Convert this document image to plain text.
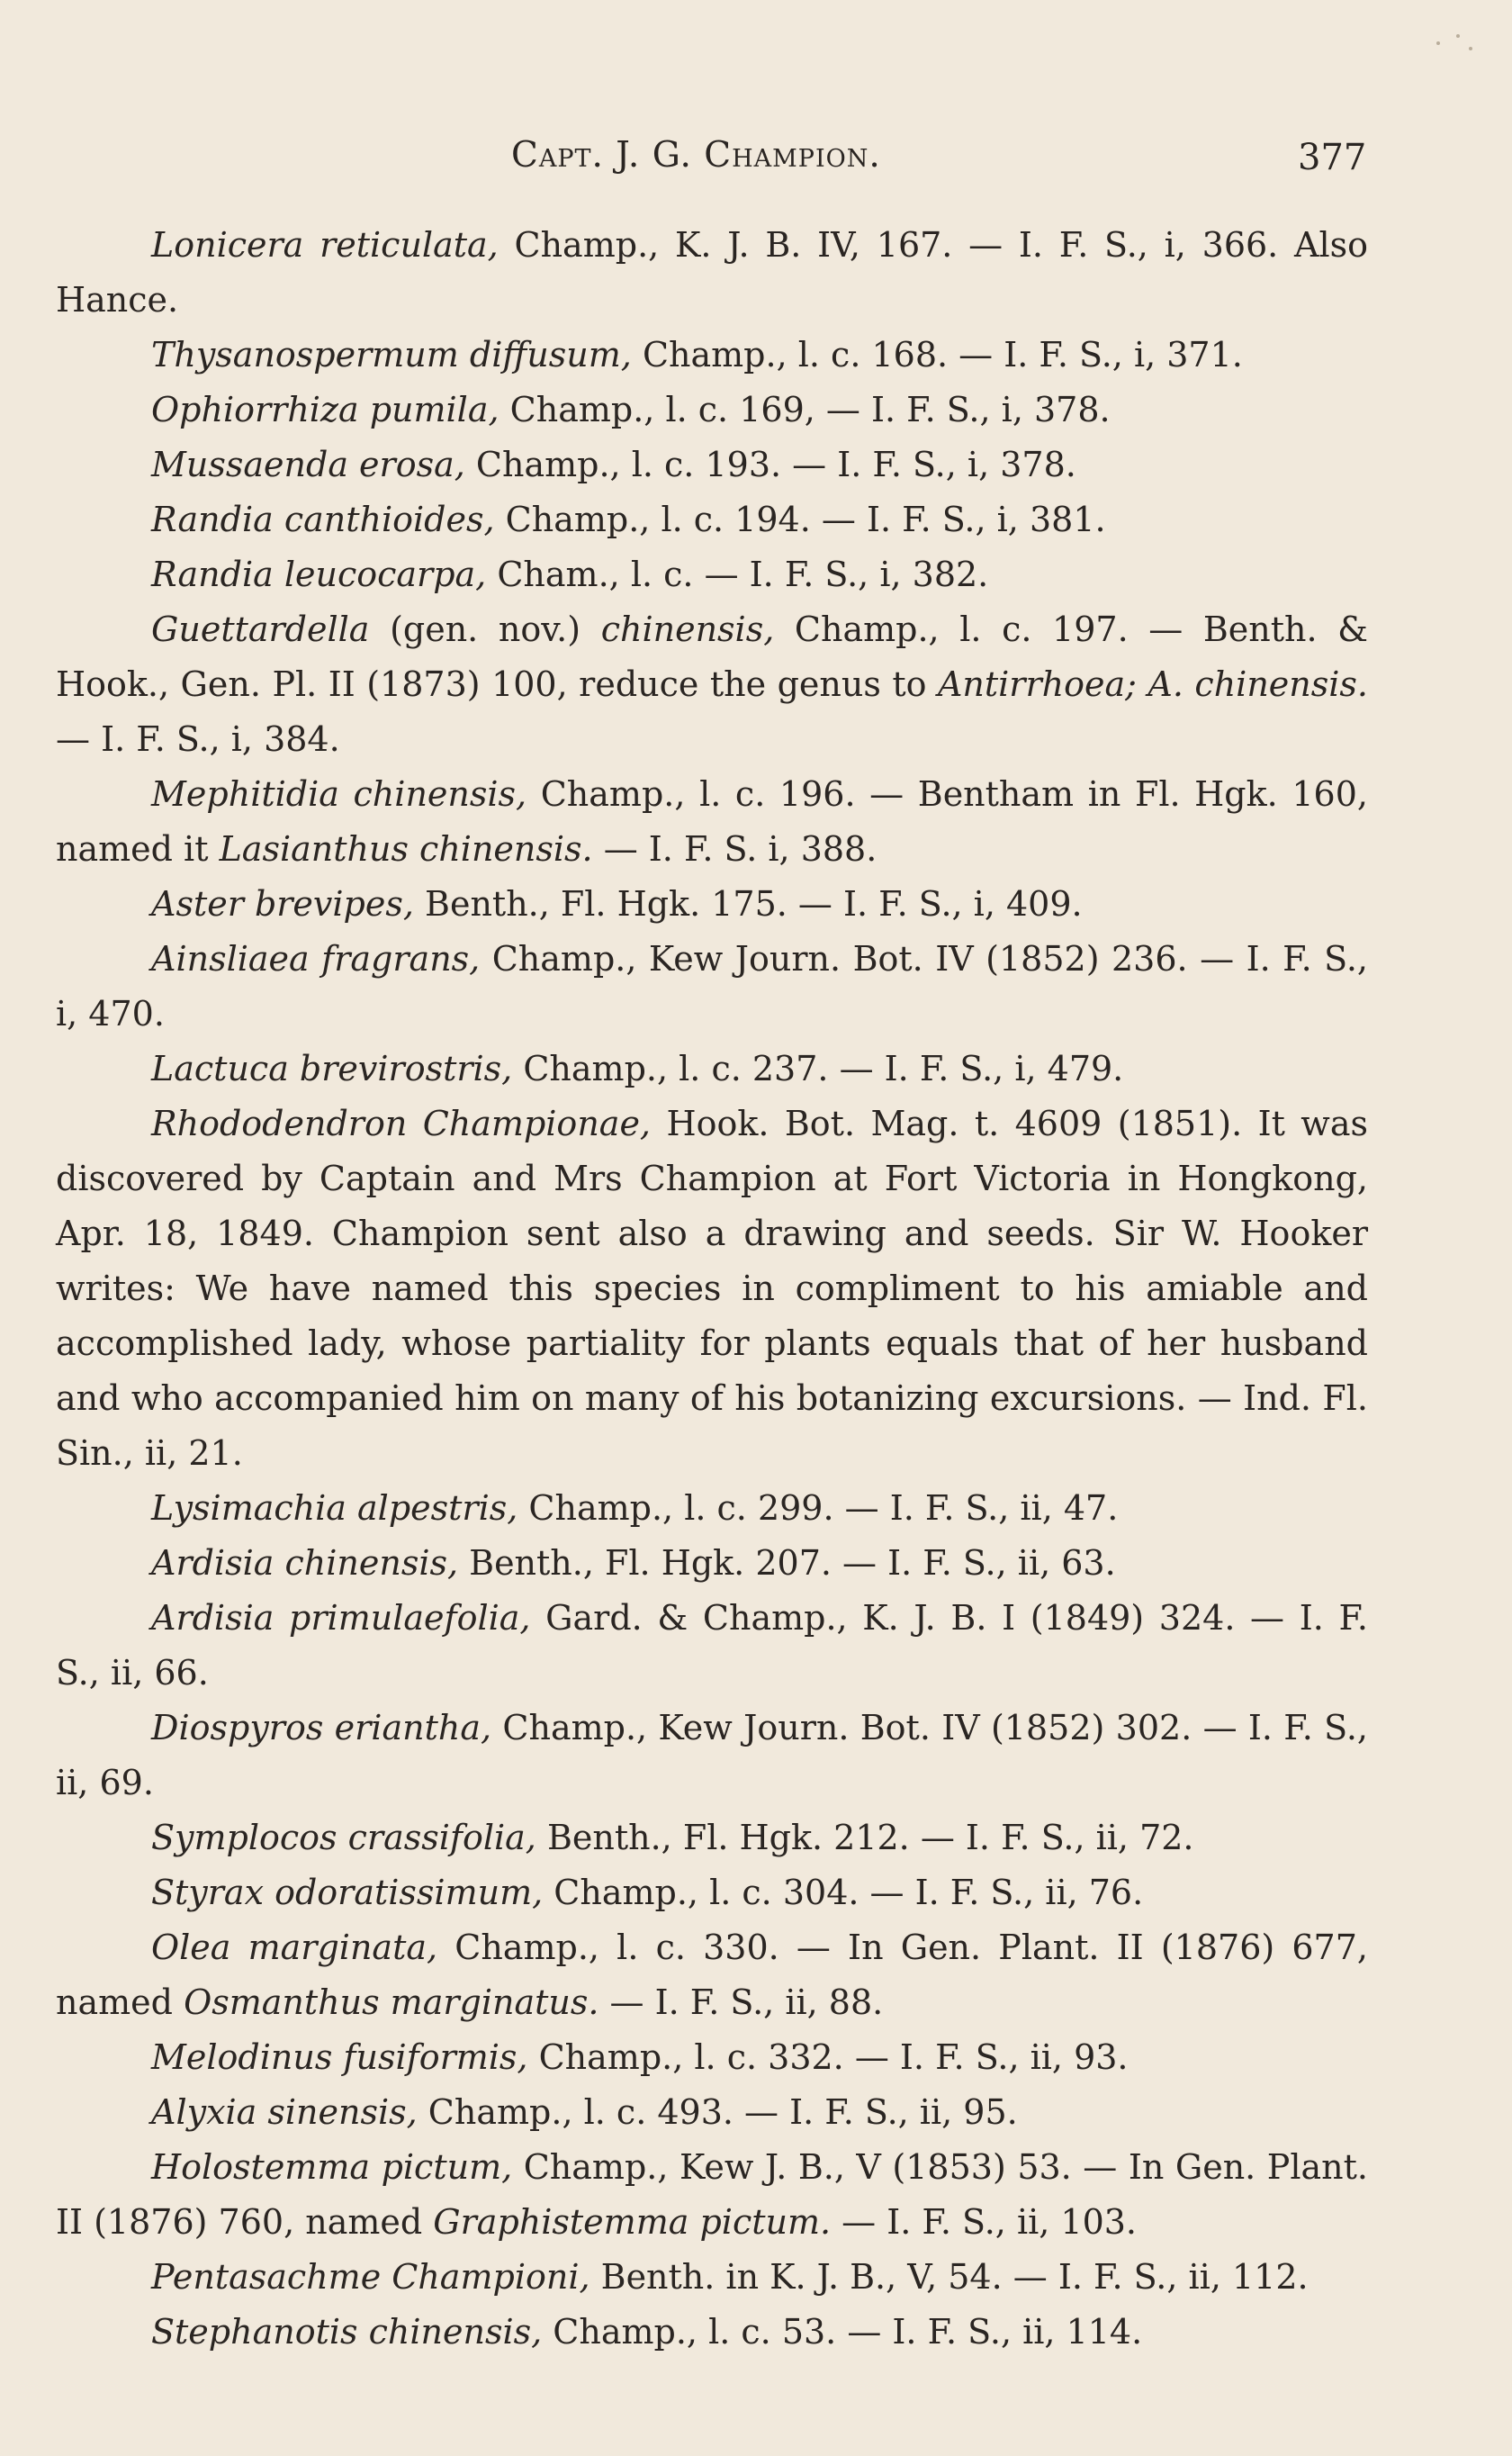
Capt. J. G. Champion.	377

Lonicera reticulata, Champ., K. J. B. IV, 167. — I. F. S., i, 366. Also Hance.

Thysanospermum diffusum, Champ., l. c. 168. — I. F. S., i, 371.

Ophiorrhiza pumila, Champ., l. c. 169, — I. F. S., i, 378.

Mussaenda erosa, Champ., l. c. 193. — I. F. S., i, 378.

Randia canthioides, Champ., l. c. 194. — I. F. S., i, 381.

Randia leucocarpa, Cham., l. c. — I. F. S., i, 382.

Guettardella (gen. nov.) chinensis, Champ., l. c. 197. — Benth. & Hook., Gen. Pl. II (1873) 100, reduce the genus to Antirrhoea; A. chinensis. — I. F. S., i, 384.

Mephitidia chinensis, Champ., l. c. 196. — Bentham in Fl. Hgk. 160, named it Lasianthus chinensis. — I. F. S. i, 388.

Aster brevipes, Benth., Fl. Hgk. 175. — I. F. S., i, 409.

Ainsliaea fragrans, Champ., Kew Journ. Bot. IV (1852) 236. — I. F. S., i, 470.

Lactuca brevirostris, Champ., l. c. 237. — I. F. S., i, 479.

Rhododendron Championae, Hook. Bot. Mag. t. 4609 (1851). It was discovered by Captain and Mrs Champion at Fort Victoria in Hongkong, Apr. 18, 1849. Champion sent also a drawing and seeds. Sir W. Hooker writes: We have named this species in compliment to his amiable and accomplished lady, whose partiality for plants equals that of her husband and who accompanied him on many of his botanizing excursions. — Ind. Fl. Sin., ii, 21.

Lysimachia alpestris, Champ., l. c. 299. — I. F. S., ii, 47.

Ardisia chinensis, Benth., Fl. Hgk. 207. — I. F. S., ii, 63.

Ardisia primulaefolia, Gard. & Champ., K. J. B. I (1849) 324. — I. F. S., ii, 66.

Diospyros eriantha, Champ., Kew Journ. Bot. IV (1852) 302. — I. F. S., ii, 69.

Symplocos crassifolia, Benth., Fl. Hgk. 212. — I. F. S., ii, 72.

Styrax odoratissimum, Champ., l. c. 304. — I. F. S., ii, 76.

Olea marginata, Champ., l. c. 330. — In Gen. Plant. II (1876) 677, named Osmanthus marginatus. — I. F. S., ii, 88.

Melodinus fusiformis, Champ., l. c. 332. — I. F. S., ii, 93.

Alyxia sinensis, Champ., l. c. 493. — I. F. S., ii, 95.

Holostemma pictum, Champ., Kew J. B., V (1853) 53. — In Gen. Plant. II (1876) 760, named Graphistemma pictum. — I. F. S., ii, 103.

Pentasachme Championi, Benth. in K. J. B., V, 54. — I. F. S., ii, 112.

Stephanotis chinensis, Champ., l. c. 53. — I. F. S., ii, 114.
